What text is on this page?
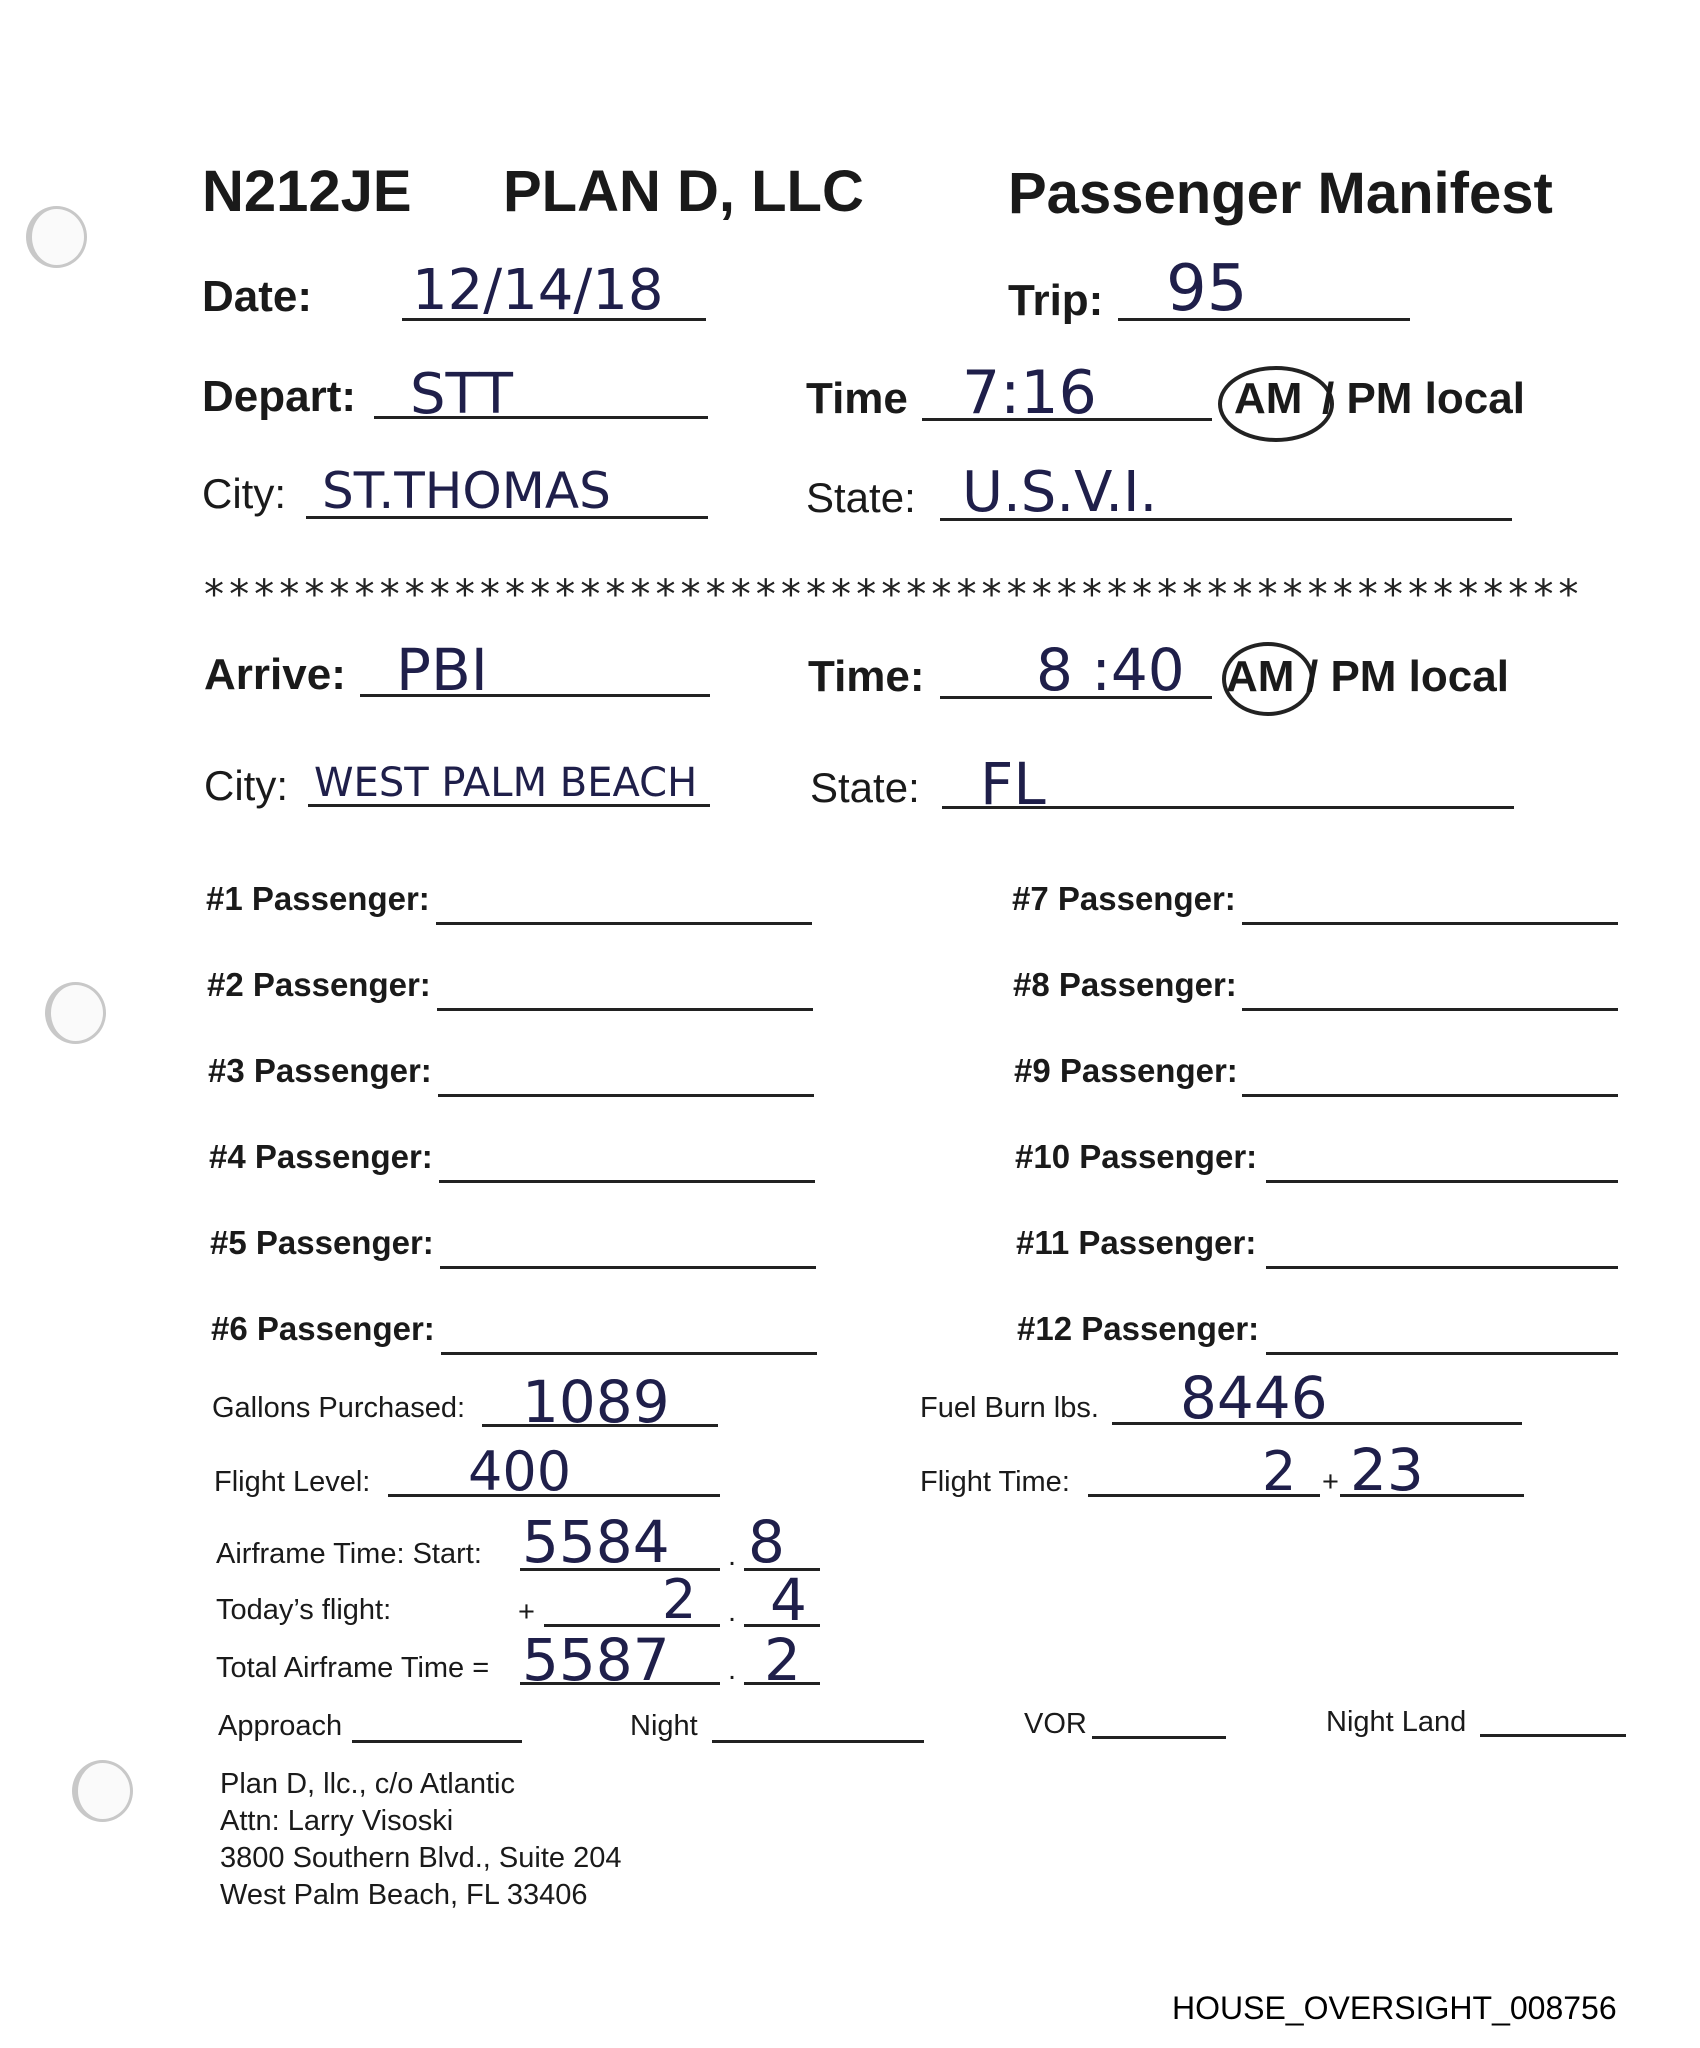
N212JE PLAN D, LLC Passenger Manifest
Date: 12/14/18	Trip: 95
Depart: STT	Time 7:16	AM / PM local
City: ST.THOMAS	State: U.S.V.I.
*******************************************************
Arrive: PBI	Time: 8 :40 AM / PM local
City: WEST PALM BEACH	State: FL
#1 Passenger:
#2 Passenger:
#3 Passenger:
#4 Passenger:
#5 Passenger:
#6 Passenger:
#7 Passenger:
#8 Passenger:
#9 Passenger:
#10 Passenger:
#11 Passenger:
#12 Passenger:
Gallons Purchased: 1089	Fuel Burn lbs. 8446
Flight Level: 400	Flight Time:	2 + 23
Airframe Time: Start: 5584 . 8
Today’s flight:	+ 2 . 4
Total Airframe Time = 5587 . 2
Approach	Night	VOR	Night Land
Plan D, llc., c/o Atlantic
Attn: Larry Visoski
3800 Southern Blvd., Suite 204
West Palm Beach, FL 33406
HOUSE_OVERSIGHT_008756
